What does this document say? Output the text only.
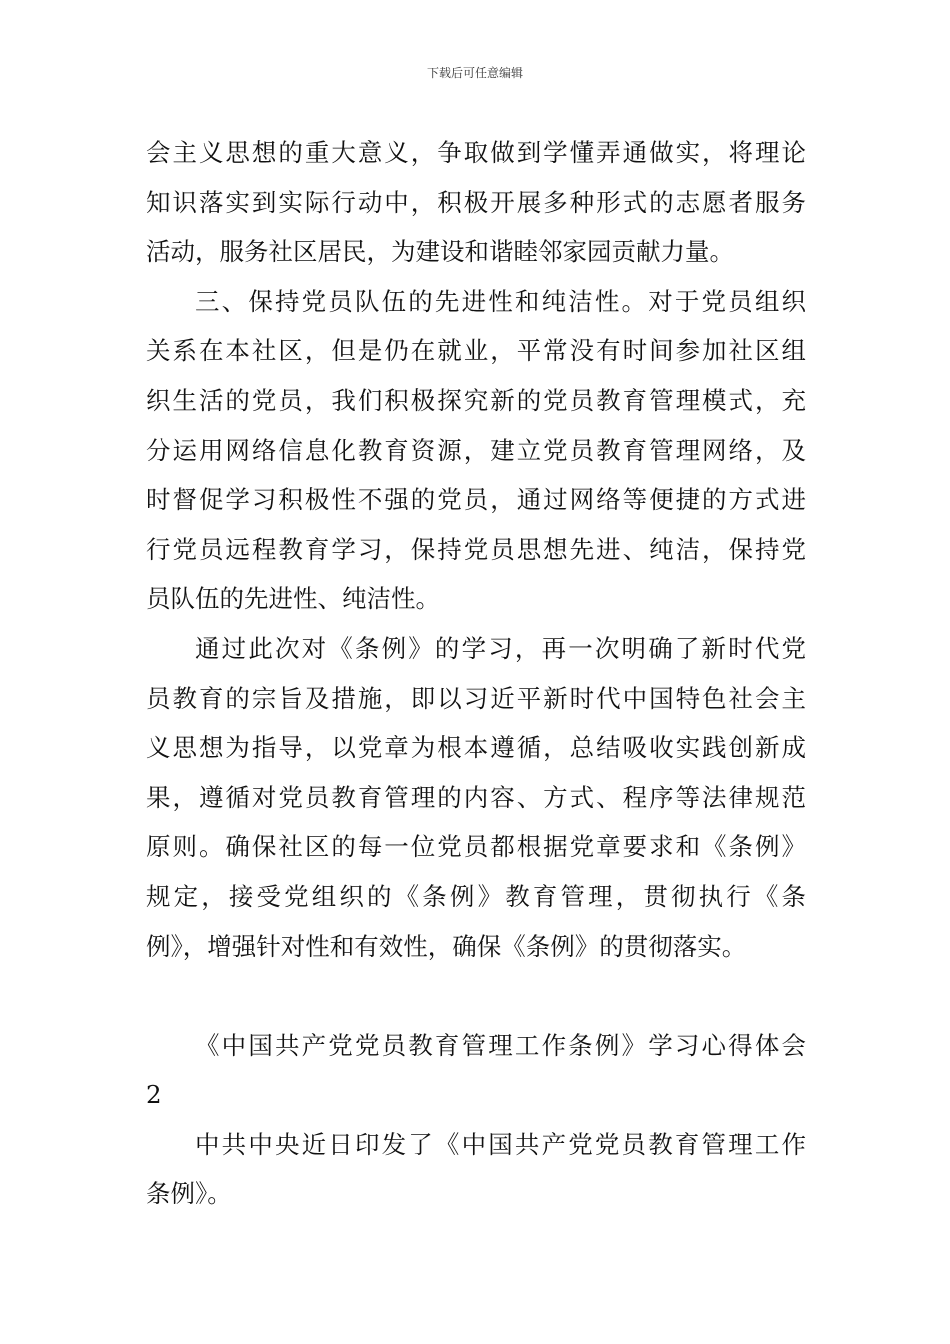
下载后可任意编辑
会主义思想的重大意义，争取做到学懂弄通做实，将理论
知识落实到实际行动中，积极开展多种形式的志愿者服务
活动，服务社区居民，为建设和谐睦邻家园贡献力量。
三、保持党员队伍的先进性和纯洁性。对于党员组织
关系在本社区，但是仍在就业，平常没有时间参加社区组
织生活的党员，我们积极探究新的党员教育管理模式，充
分运用网络信息化教育资源，建立党员教育管理网络，及
时督促学习积极性不强的党员，通过网络等便捷的方式进
行党员远程教育学习，保持党员思想先进、纯洁，保持党
员队伍的先进性、纯洁性。
通过此次对《条例》的学习，再一次明确了新时代党
员教育的宗旨及措施，即以习近平新时代中国特色社会主
义思想为指导，以党章为根本遵循，总结吸收实践创新成
果，遵循对党员教育管理的内容、方式、程序等法律规范
原则。确保社区的每一位党员都根据党章要求和《条例》
规定，接受党组织的《条例》教育管理，贯彻执行《条
例》，增强针对性和有效性，确保《条例》的贯彻落实。
《中国共产党党员教育管理工作条例》学习心得体会
2
中共中央近日印发了《中国共产党党员教育管理工作
条例》。
